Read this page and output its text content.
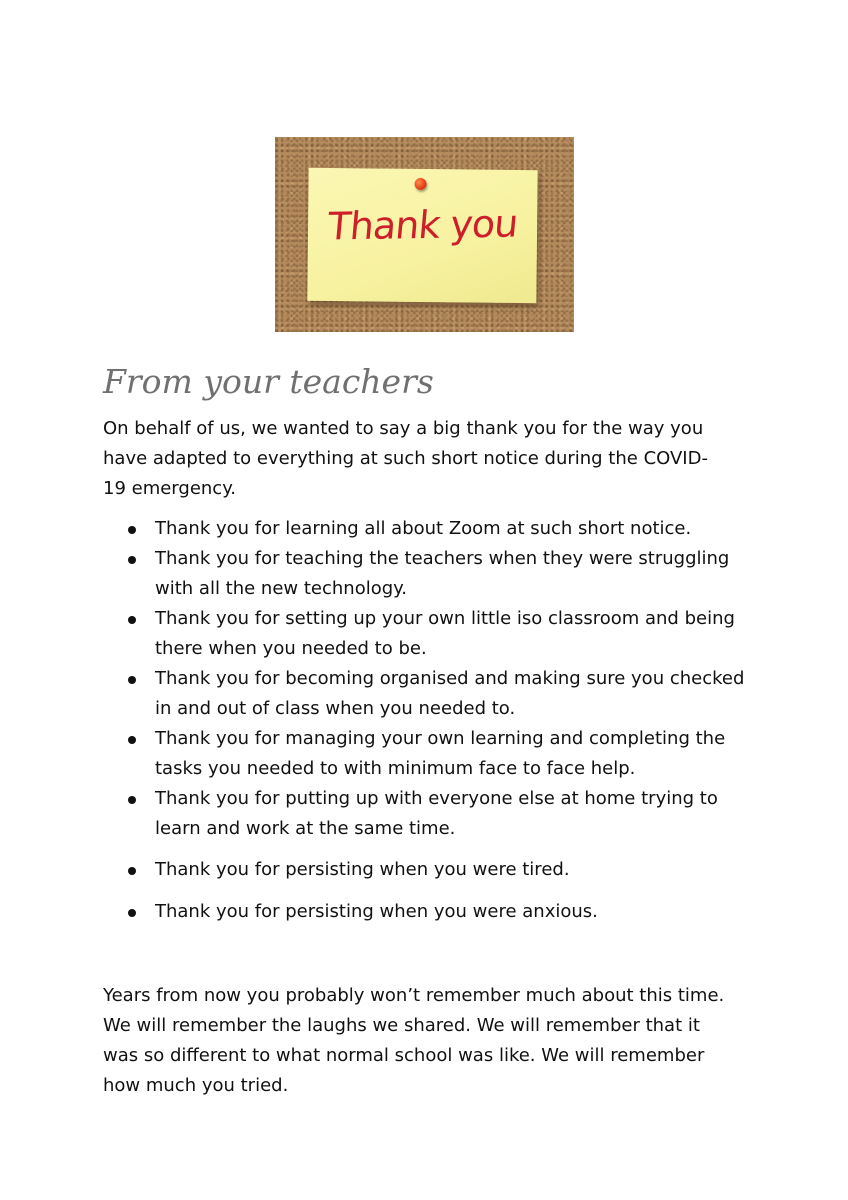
Thank you
From your teachers
On behalf of us, we wanted to say a big thank you for the way you
have adapted to everything at such short notice during the COVID-
19 emergency.
Thank you for learning all about Zoom at such short notice.
Thank you for teaching the teachers when they were struggling
with all the new technology.
Thank you for setting up your own little iso classroom and being
there when you needed to be.
Thank you for becoming organised and making sure you checked
in and out of class when you needed to.
Thank you for managing your own learning and completing the
tasks you needed to with minimum face to face help.
Thank you for putting up with everyone else at home trying to
learn and work at the same time.
Thank you for persisting when you were tired.
Thank you for persisting when you were anxious.
Years from now you probably won’t remember much about this time.
We will remember the laughs we shared. We will remember that it
was so different to what normal school was like. We will remember
how much you tried.
